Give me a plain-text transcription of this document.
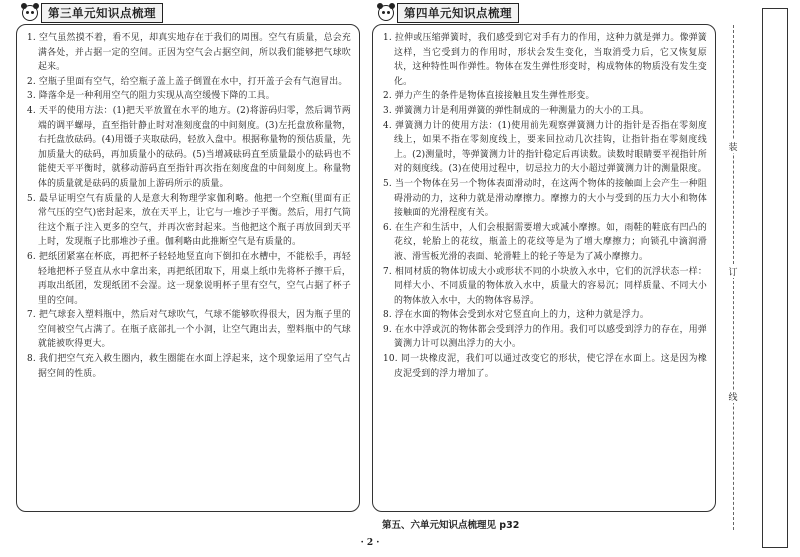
第三单元知识点梳理

1. 空气虽然摸不着，看不见，却真实地存在于我们的周围。空气有质量，总会充满各处，并占据一定的空间。正因为空气会占据空间，所以我们能够把气球吹起来。

2. 空瓶子里面有空气，给空瓶子盖上盖子倒置在水中，打开盖子会有气泡冒出。

3. 降落伞是一种利用空气的阻力实现从高空缓慢下降的工具。

4. 天平的使用方法：(1)把天平放置在水平的地方。(2)将游码归零，然后调节两端的调平螺母，直至指针静止时对准刻度盘的中间刻度。(3)左托盘放称量物，右托盘放砝码。(4)用镊子夹取砝码，轻放入盘中。根据称量物的预估质量，先加质量大的砝码，再加质量小的砝码。(5)当增减砝码直至质量最小的砝码也不能使天平平衡时，就移动游码直至指针再次指在刻度盘的中间刻度上。称量物体的质量就是砝码的质量加上游码所示的质量。

5. 最早证明空气有质量的人是意大利物理学家伽利略。他把一个空瓶(里面有正常气压的空气)密封起来，放在天平上，让它与一堆沙子平衡。然后，用打气筒往这个瓶子注入更多的空气，并再次密封起来。当他把这个瓶子再放回到天平上时，发现瓶子比那堆沙子重。伽利略由此推断空气是有质量的。

6. 把纸团紧塞在杯底，再把杯子轻轻地竖直向下倒扣在水槽中，不能松手，再轻轻地把杯子竖直从水中拿出来，再把纸团取下，用桌上纸巾先将杯子擦干后，再取出纸团，发现纸团不会湿。这一现象说明杯子里有空气，空气占据了杯子里的空间。

7. 把气球套入塑料瓶中，然后对气球吹气，气球不能够吹得很大，因为瓶子里的空间被空气占满了。在瓶子底部扎一个小洞，让空气跑出去，塑料瓶中的气球就能被吹得更大。

8. 我们把空气充入救生圈内，救生圈能在水面上浮起来，这个现象运用了空气占据空间的性质。

第四单元知识点梳理

1. 拉伸或压缩弹簧时，我们感受到它对手有力的作用，这种力就是弹力。像弹簧这样，当它受到力的作用时，形状会发生变化，当取消受力后，它又恢复原状，这种特性叫作弹性。物体在发生弹性形变时，构成物体的物质没有发生变化。

2. 弹力产生的条件是物体直接接触且发生弹性形变。

3. 弹簧测力计是利用弹簧的弹性制成的一种测量力的大小的工具。

4. 弹簧测力计的使用方法：(1)使用前先观察弹簧测力计的指针是否指在零刻度线上，如果不指在零刻度线上，要来回拉动几次挂钩，让指针指在零刻度线上。(2)测量时，等弹簧测力计的指针稳定后再读数。读数时眼睛要平视指针所对的刻度线。(3)在使用过程中，切忌拉力的大小超过弹簧测力计的测量限度。

5. 当一个物体在另一个物体表面滑动时，在这两个物体的接触面上会产生一种阻碍滑动的力，这种力就是滑动摩擦力。摩擦力的大小与受到的压力大小和物体接触面的光滑程度有关。

6. 在生产和生活中，人们会根据需要增大或减小摩擦。如，雨鞋的鞋底有凹凸的花纹，轮胎上的花纹，瓶盖上的花纹等是为了增大摩擦力；向锁孔中滴润滑液、滑雪板光滑的表面、轮滑鞋上的轮子等是为了减小摩擦力。

7. 相同材质的物体切成大小或形状不同的小块放入水中，它们的沉浮状态一样：同样大小、不同质量的物体放入水中，质量大的容易沉；同样质量、不同大小的物体放入水中，大的物体容易浮。

8. 浮在水面的物体会受到水对它竖直向上的力，这种力就是浮力。

9. 在水中浮或沉的物体都会受到浮力的作用。我们可以感受到浮力的存在，用弹簧测力计可以测出浮力的大小。

10. 同一块橡皮泥，我们可以通过改变它的形状，使它浮在水面上。这是因为橡皮泥受到的浮力增加了。

第五、六单元知识点梳理见 p32
· 2 ·
装
订
线
